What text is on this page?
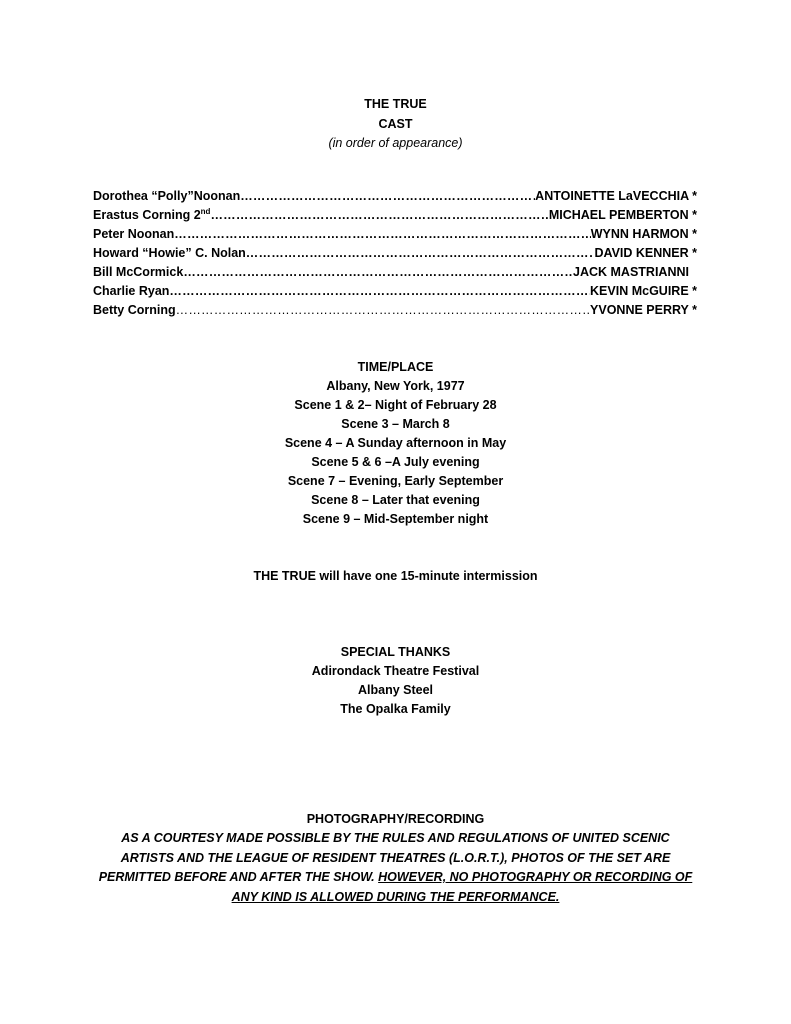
THE TRUE
CAST
(in order of appearance)
Dorothea “Polly”Noonan ………………………………………………………………………………………………………………………………………………………………………………	ANTOINETTE LaVECCHIA *
Erastus Corning 2nd ………………………………………………………………………………………………………………………………………………………………………………	MICHAEL PEMBERTON *
Peter Noonan ………………………………………………………………………………………………………………………………………………………………………………	WYNN HARMON *
Howard “Howie” C. Nolan ………………………………………………………………………………………………………………………………………………………………………………	DAVID KENNER *
Bill McCormick ………………………………………………………………………………………………………………………………………………………………………………	JACK MASTRIANNI
Charlie Ryan ………………………………………………………………………………………………………………………………………………………………………………	KEVIN McGUIRE *
Betty Corning ………………………………………………………………………………………………………………………………………………………………………………	YVONNE PERRY *
TIME/PLACE
Albany, New York, 1977
Scene 1 & 2– Night of February 28
Scene 3 – March 8
Scene 4 – A Sunday afternoon in May
Scene 5 & 6 –A July evening
Scene 7 – Evening, Early September
Scene 8 – Later that evening
Scene 9 – Mid-September night
THE TRUE will have one 15-minute intermission
SPECIAL THANKS
Adirondack Theatre Festival
Albany Steel
The Opalka Family
PHOTOGRAPHY/RECORDING
AS A COURTESY MADE POSSIBLE BY THE RULES AND REGULATIONS OF UNITED SCENIC ARTISTS AND THE LEAGUE OF RESIDENT THEATRES (L.O.R.T.), PHOTOS OF THE SET ARE PERMITTED BEFORE AND AFTER THE SHOW. HOWEVER, NO PHOTOGRAPHY OR RECORDING OF ANY KIND IS ALLOWED DURING THE PERFORMANCE.
